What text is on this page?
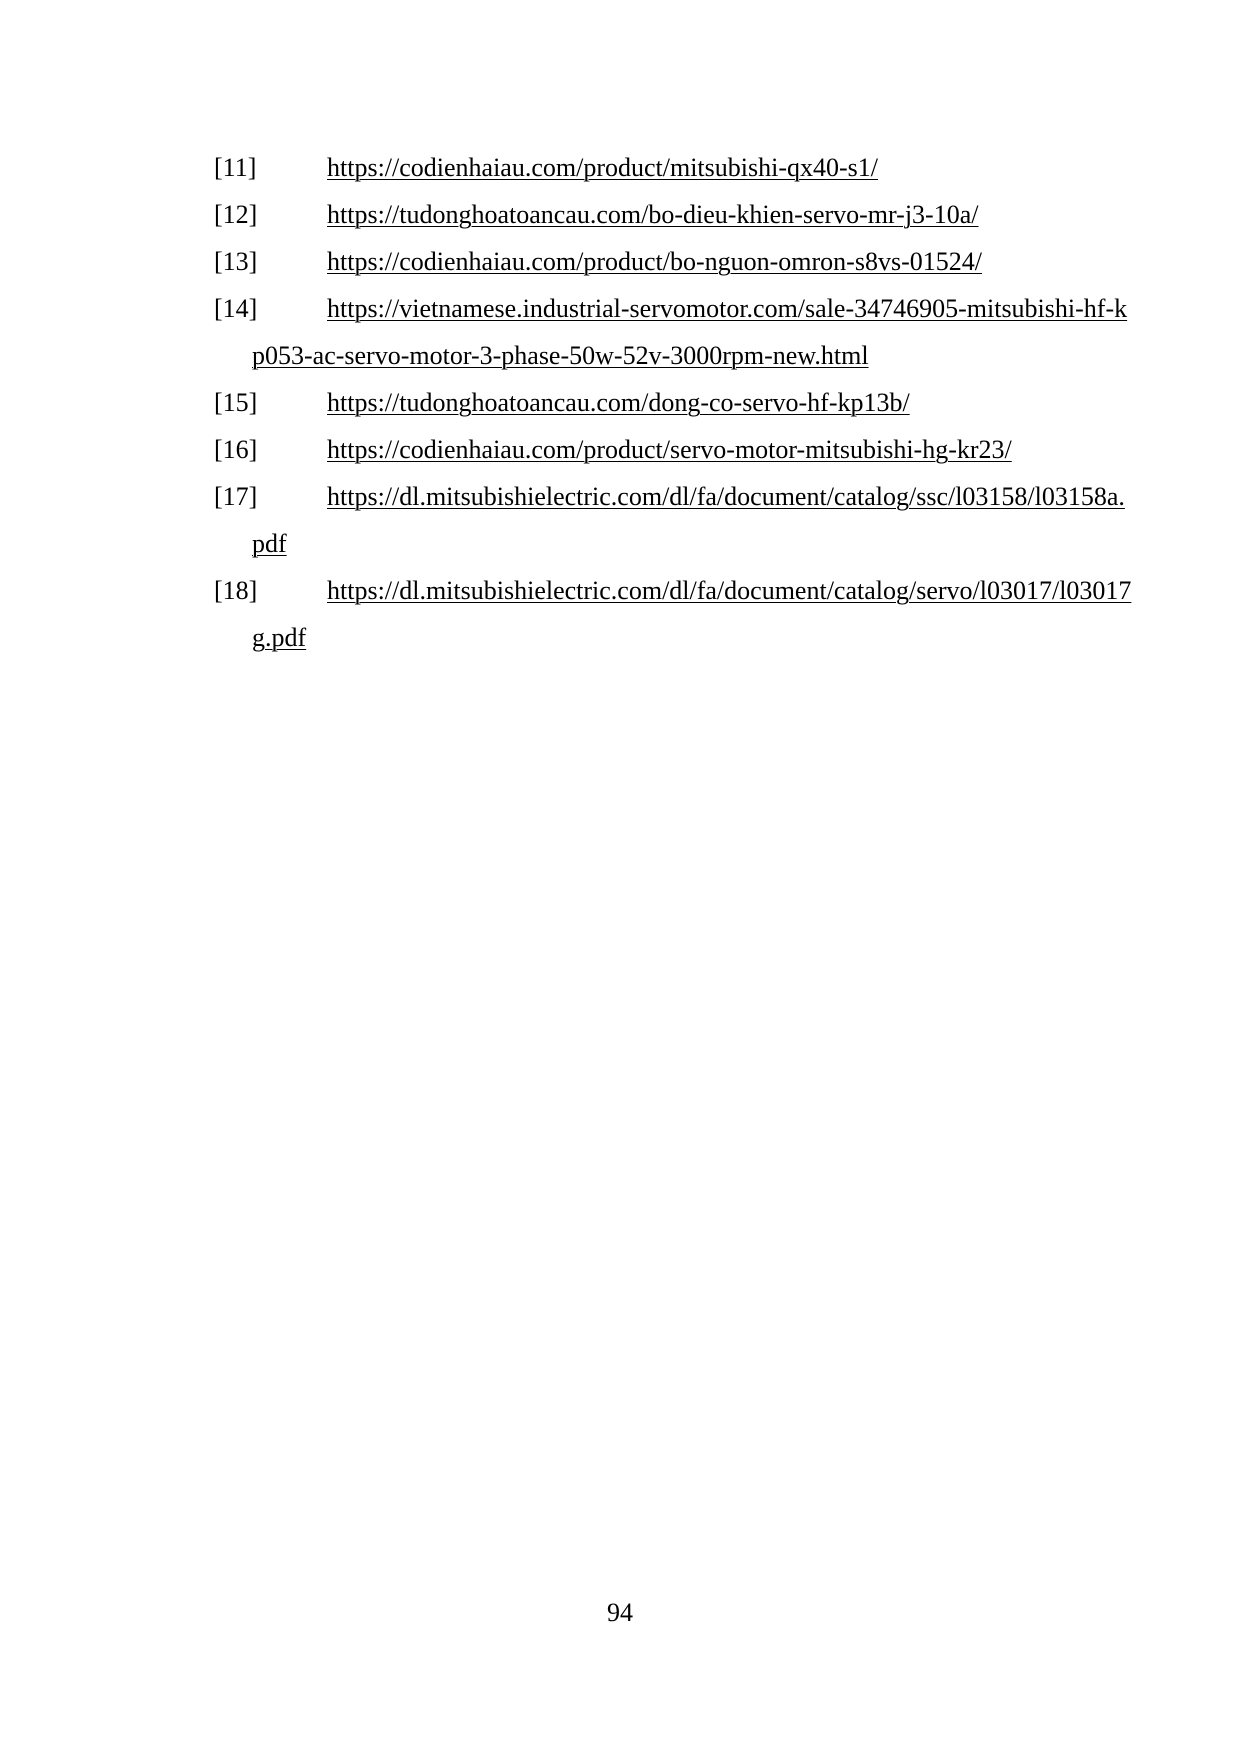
[11]	https://codienhaiau.com/product/mitsubishi-qx40-s1/
[12]	https://tudonghoatoancau.com/bo-dieu-khien-servo-mr-j3-10a/
[13]	https://codienhaiau.com/product/bo-nguon-omron-s8vs-01524/
[14]	https://vietnamese.industrial-servomotor.com/sale-34746905-mitsubishi-hf-kp053-ac-servo-motor-3-phase-50w-52v-3000rpm-new.html
[15]	https://tudonghoatoancau.com/dong-co-servo-hf-kp13b/
[16]	https://codienhaiau.com/product/servo-motor-mitsubishi-hg-kr23/
[17]	https://dl.mitsubishielectric.com/dl/fa/document/catalog/ssc/l03158/l03158a.pdf
[18]	https://dl.mitsubishielectric.com/dl/fa/document/catalog/servo/l03017/l03017g.pdf
94
